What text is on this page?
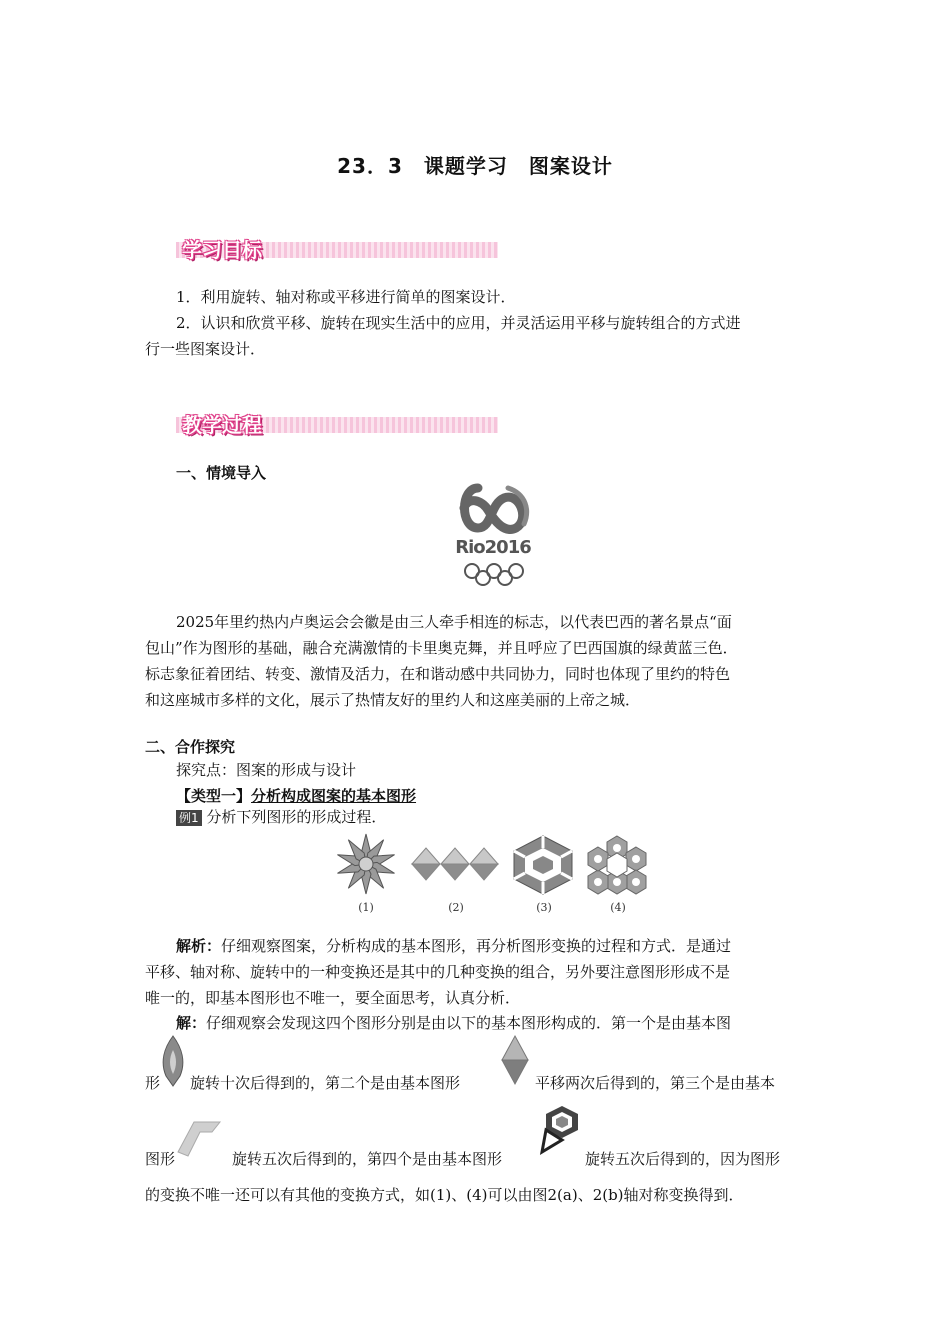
23．3　课题学习　图案设计
学习目标
1．利用旋转、轴对称或平移进行简单的图案设计．
2．认识和欣赏平移、旋转在现实生活中的应用，并灵活运用平移与旋转组合的方式进
行一些图案设计．
教学过程
一、情境导入
Rio2016
2025年里约热内卢奥运会会徽是由三人牵手相连的标志，以代表巴西的著名景点“面
包山”作为图形的基础，融合充满激情的卡里奥克舞，并且呼应了巴西国旗的绿黄蓝三色．
标志象征着团结、转变、激情及活力，在和谐动感中共同协力，同时也体现了里约的特色
和这座城市多样的文化，展示了热情友好的里约人和这座美丽的上帝之城．
二、合作探究
探究点：图案的形成与设计
【类型一】分析构成图案的基本图形
例1 分析下列图形的形成过程．
(1)	(2)	(3)	(4)
解析：仔细观察图案，分析构成的基本图形，再分析图形变换的过程和方式．是通过
平移、轴对称、旋转中的一种变换还是其中的几种变换的组合，另外要注意图形形成不是
唯一的，即基本图形也不唯一，要全面思考，认真分析．
解：仔细观察会发现这四个图形分别是由以下的基本图形构成的．第一个是由基本图
形 旋转十次后得到的，第二个是由基本图形	平移两次后得到的，第三个是由基本
图形	旋转五次后得到的，第四个是由基本图形	旋转五次后得到的，因为图形
的变换不唯一还可以有其他的变换方式，如(1)、(4)可以由图2(a)、2(b)轴对称变换得到．
